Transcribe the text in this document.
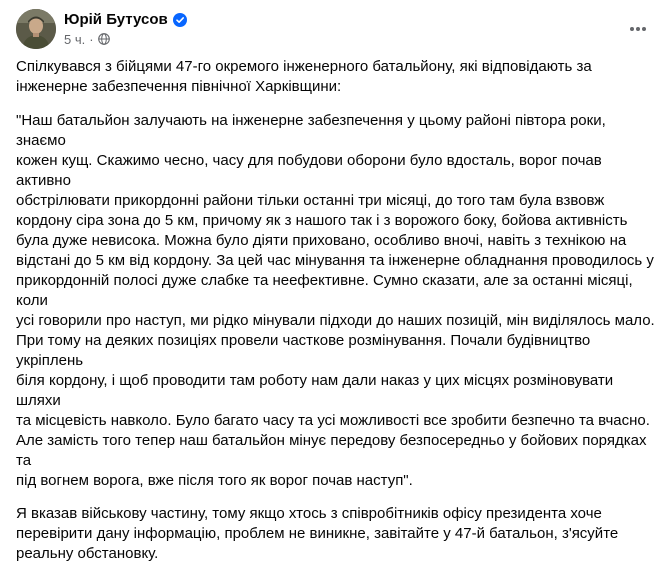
Юрій Бутусов
5 ч. ·

Спілкувався з бійцями 47-го окремого інженерного батальйону, які відповідають за
інженерне забезпечення північної Харківщини:

"Наш батальйон залучають на інженерне забезпечення у цьому районі півтора роки, знаємо
кожен кущ. Скажимо чесно, часу для побудови оборони було вдосталь, ворог почав активно
обстрілювати прикордонні райони тільки останні три місяці, до того там була взвовж
кордону сіра зона до 5 км, причому як з нашого так і з ворожого боку, бойова активність
була дуже невисока. Можна було діяти приховано, особливо вночі, навіть з технікою на
відстані до 5 км від кордону. За цей час мінування та інженерне обладнання проводилось у
прикордонній полосі дуже слабке та неефективне. Сумно сказати, але за останні місяці, коли
усі говорили про наступ, ми рідко мінували підходи до наших позицій, мін виділялось мало.
При тому на деяких позиціях провели часткове розмінування. Почали будівництво укріплень
біля кордону, і щоб проводити там роботу нам дали наказ у цих місцях розміновувати шляхи
та місцевість навколо. Було багато часу та усі можливості все зробити безпечно та вчасно.
Але замість того тепер наш батальйон мінує передову безпосередньо у бойових порядках та
під вогнем ворога, вже після того як ворог почав наступ".

Я вказав військову частину, тому якщо хтось з співробітників офісу президента хоче
перевірити дану інформацію, проблем не виникне, завітайте у 47-й батальон, з'ясуйте
реальну обстановку.
